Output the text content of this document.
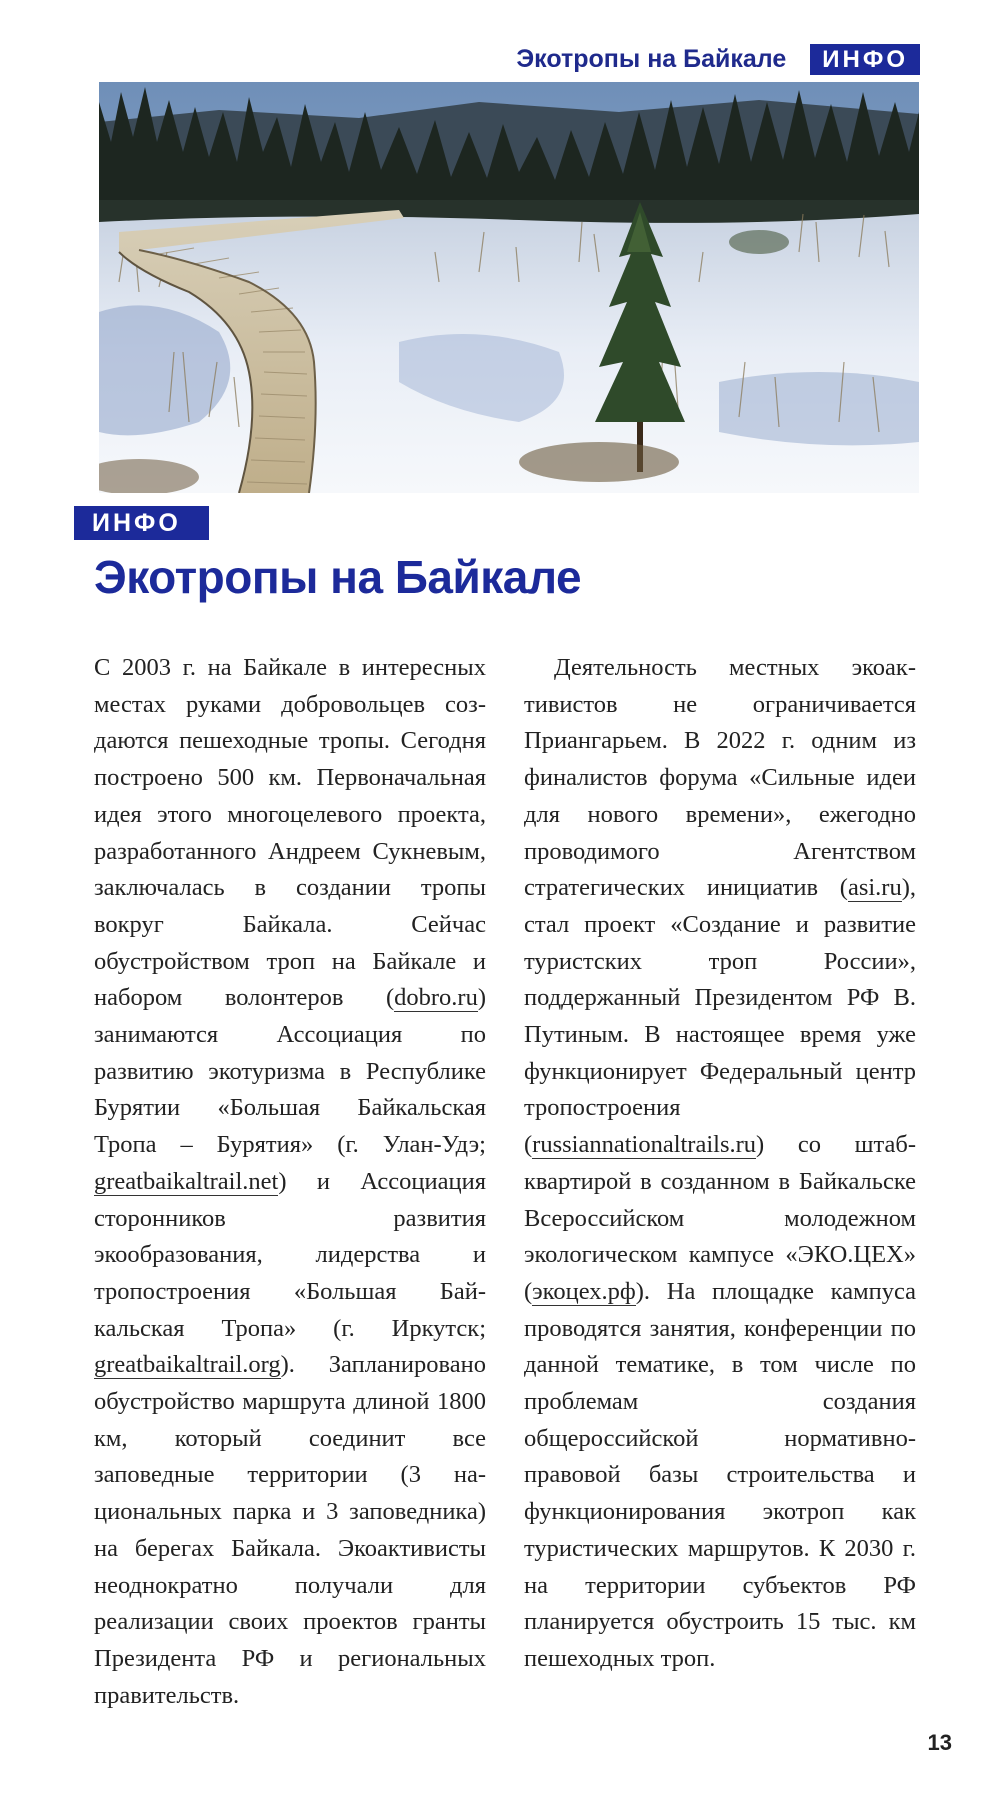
Экотропы на Байкале	ИНФО
ИНФО
Экотропы на Байкале

С 2003 г. на Байкале в интересных местах руками добровольцев создаются пешеходные тропы. Сегодня построено 500 км. Первоначальная идея этого многоцелевого проекта, разработанного Андреем Сукневым, заключалась в создании тропы вокруг Байкала. Сейчас обустройством троп на Байкале и набором волонтеров (dobro.ru) занимаются Ассоциация по развитию экотуризма в Республике Бурятии «Большая Байкальская Тропа – Бурятия» (г. Улан-Удэ; greatbaikaltrail.net) и Ассоциация сторонников развития экообразования, лидерства и тропостроения «Большая Байкальская Тропа» (г. Иркутск; greatbaikaltrail.org). Запланировано обустройство маршрута длиной 1800 км, который соединит все заповедные территории (3 национальных парка и 3 заповедника) на берегах Байкала. Экоактивисты неоднократно получали для реализации своих проектов гранты Президента РФ и региональных правительств.

Деятельность местных экоактивистов не ограничивается Приангарьем. В 2022 г. одним из финалистов форума «Сильные идеи для нового времени», ежегодно проводимого Агентством стратегических инициатив (asi.ru), стал проект «Создание и развитие туристских троп России», поддержанный Президентом РФ В. Путиным. В настоящее время уже функционирует Федеральный центр тропостроения (russiannationaltrails.ru) со штабквартирой в созданном в Байкальске Всероссийском молодежном экологическом кампусе «ЭКО.ЦЕХ» (экоцех.рф). На площадке кампуса проводятся занятия, конференции по данной тематике, в том числе по проблемам создания общероссийской нормативно-правовой базы строительства и функционирования экотроп как туристических маршрутов. К 2030 г. на территории субъектов РФ планируется обустроить 15 тыс. км пешеходных троп.

13
